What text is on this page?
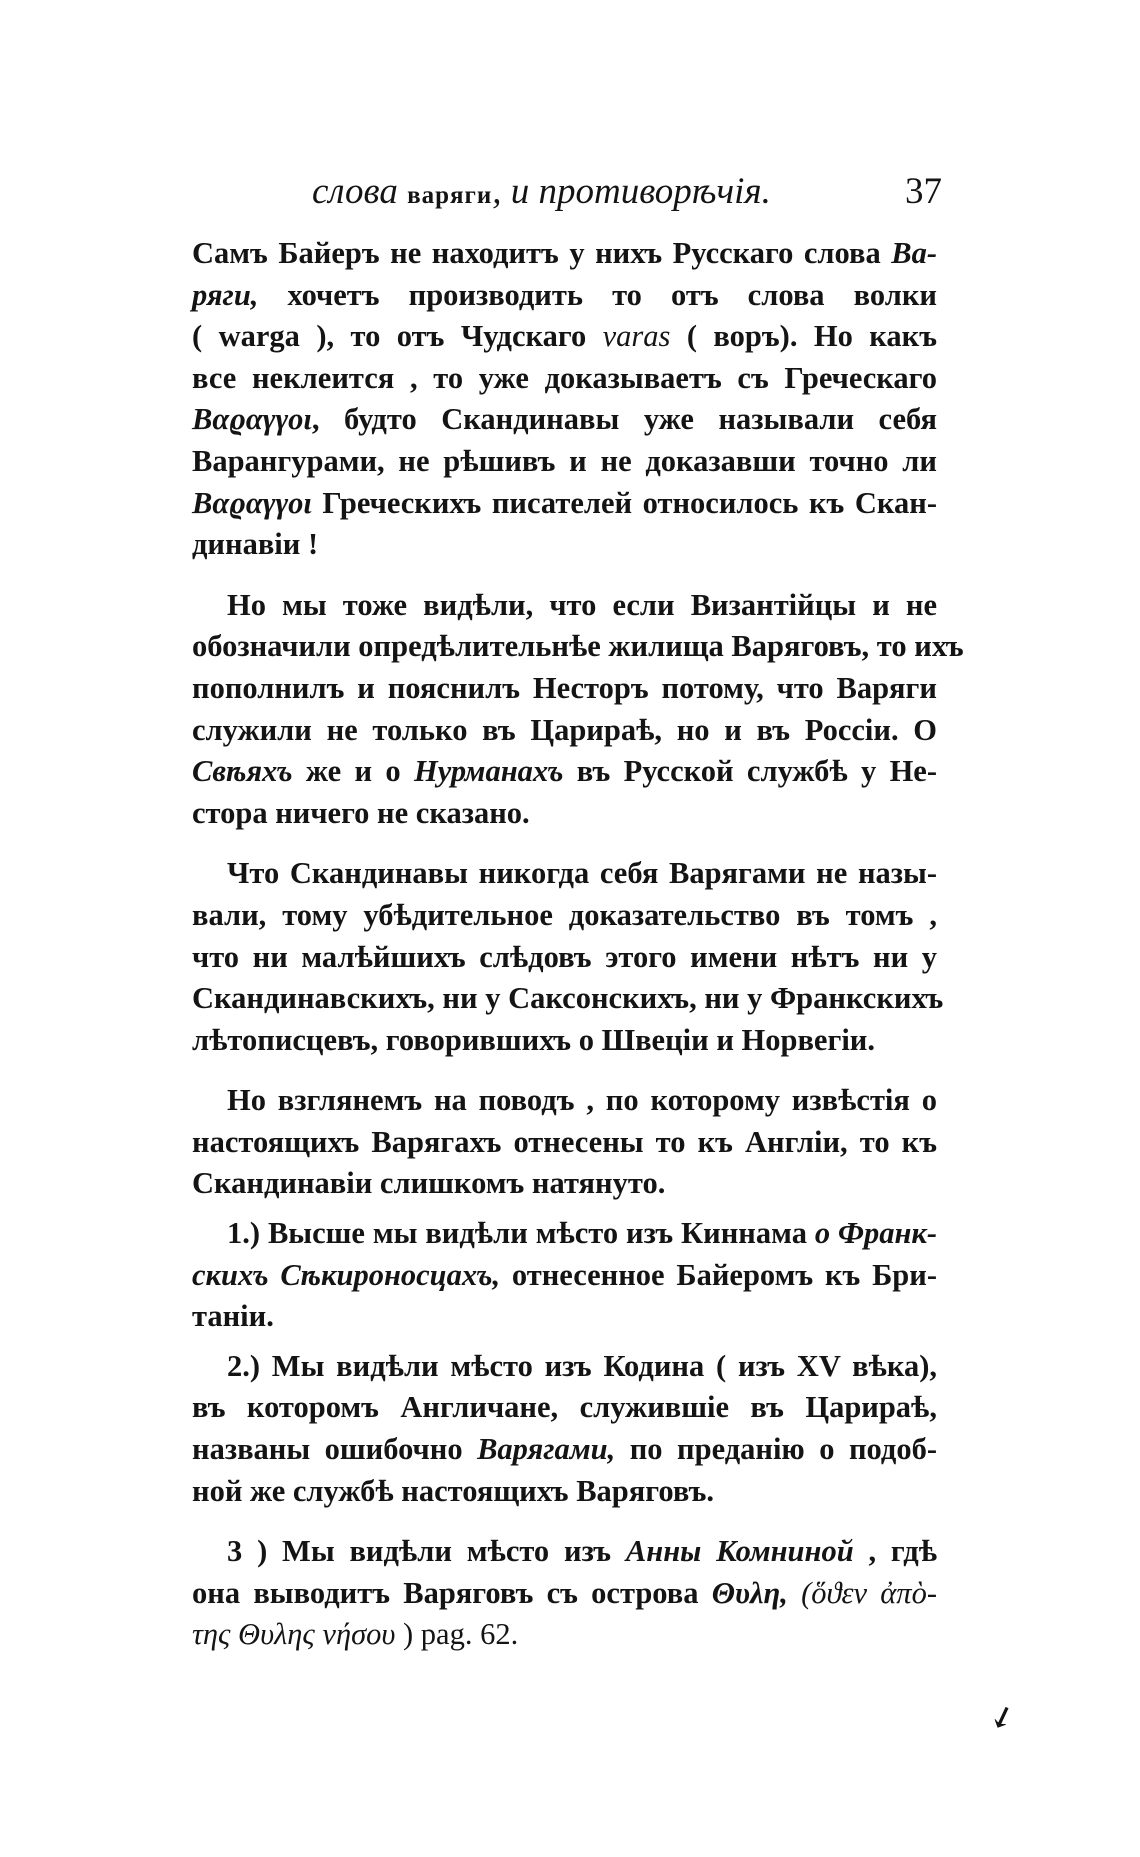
слова варяги, и противорѣчія.	37
Самъ Байеръ не находитъ у нихъ Русскаго слова Ва-
ряги, хочетъ производить то отъ слова волки
( warga ), то отъ Чудскаго varas ( воръ). Но какъ
все неклеится , то уже доказываетъ съ Греческаго
Βαϱαγγοι, будто Скандинавы уже называли себя
Варангурами, не рѣшивъ и не доказавши точно ли
Βαϱαγγοι Греческихъ писателей относилось къ Скан-
динавіи !
Но мы тоже видѣли, что если Византійцы и не
обозначили опредѣлительнѣе жилища Варяговъ, то ихъ
пополнилъ и пояснилъ Несторъ потому, что Варяги
служили не только въ Царираѣ, но и въ Россіи. О
Свѣяхъ же и о Нурманахъ въ Русской службѣ у Не-
стора ничего не сказано.
Что Скандинавы никогда себя Варягами не назы-
вали, тому убѣдительное доказательство въ томъ ,
что ни малѣйшихъ слѣдовъ этого имени нѣтъ ни у
Скандинавскихъ, ни у Саксонскихъ, ни у Франкскихъ
лѣтописцевъ, говорившихъ о Швеціи и Норвегіи.
Но взглянемъ на поводъ , по которому извѣстія о
настоящихъ Варягахъ отнесены то къ Англіи, то къ
Скандинавіи слишкомъ натянуто.
1.) Высше мы видѣли мѣсто изъ Киннама о Франк-
скихъ Сѣкироносцахъ, отнесенное Байеромъ къ Бри-
таніи.
2.) Мы видѣли мѣсто изъ Кодина ( изъ XV вѣка),
въ которомъ Англичане, служившіе въ Царираѣ,
названы ошибочно Варягами, по преданію о подоб-
ной же службѣ настоящихъ Варяговъ.
3 ) Мы видѣли мѣсто изъ Анны Комниной , гдѣ
она выводитъ Варяговъ съ острова Θυλη, (ὅϑεν ἀπὸ-
της Θυλης νήσου ) pag. 62.
↙
